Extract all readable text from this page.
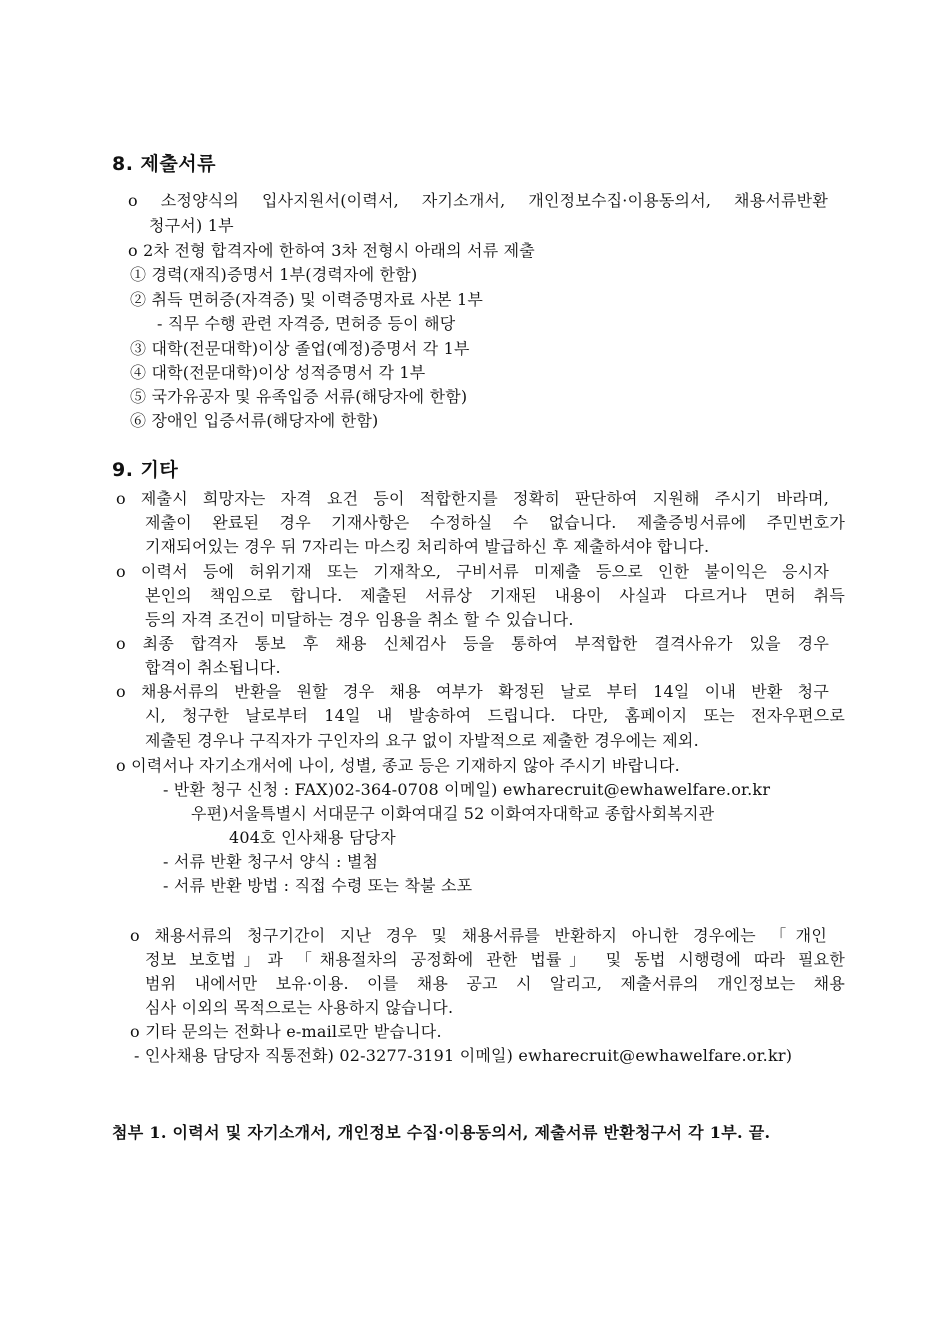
8. 제출서류
o 소정양식의 입사지원서(이력서, 자기소개서, 개인정보수집·이용동의서, 채용서류반환
청구서) 1부
o 2차 전형 합격자에 한하여 3차 전형시 아래의 서류 제출
① 경력(재직)증명서 1부(경력자에 한함)
② 취득 면허증(자격증) 및 이력증명자료 사본 1부
- 직무 수행 관련 자격증, 면허증 등이 해당
③ 대학(전문대학)이상 졸업(예정)증명서 각 1부
④ 대학(전문대학)이상 성적증명서 각 1부
⑤ 국가유공자 및 유족입증 서류(해당자에 한함)
⑥ 장애인 입증서류(해당자에 한함)
9. 기타
o 제출시 희망자는 자격 요건 등이 적합한지를 정확히 판단하여 지원해 주시기 바라며,
제출이 완료된 경우 기재사항은 수정하실 수 없습니다. 제출증빙서류에 주민번호가
기재되어있는 경우 뒤 7자리는 마스킹 처리하여 발급하신 후 제출하셔야 합니다.
o 이력서 등에 허위기재 또는 기재착오, 구비서류 미제출 등으로 인한 불이익은 응시자
본인의 책임으로 합니다. 제출된 서류상 기재된 내용이 사실과 다르거나 면허 취득
등의 자격 조건이 미달하는 경우 임용을 취소 할 수 있습니다.
o 최종 합격자 통보 후 채용 신체검사 등을 통하여 부적합한 결격사유가 있을 경우
합격이 취소됩니다.
o 채용서류의 반환을 원할 경우 채용 여부가 확정된 날로 부터 14일 이내 반환 청구
시, 청구한 날로부터 14일 내 발송하여 드립니다. 다만, 홈페이지 또는 전자우편으로
제출된 경우나 구직자가 구인자의 요구 없이 자발적으로 제출한 경우에는 제외.
o 이력서나 자기소개서에 나이, 성별, 종교 등은 기재하지 않아 주시기 바랍니다.
- 반환 청구 신청 : FAX)02-364-0708 이메일) ewharecruit@ewhawelfare.or.kr
우편)서울특별시 서대문구 이화여대길 52 이화여자대학교 종합사회복지관
404호 인사채용 담당자
- 서류 반환 청구서 양식 : 별첨
- 서류 반환 방법 : 직접 수령 또는 착불 소포
o 채용서류의 청구기간이 지난 경우 및 채용서류를 반환하지 아니한 경우에는 「개인
정보 보호법」과 「채용절차의 공정화에 관한 법률」 및 동법 시행령에 따라 필요한
범위 내에서만 보유·이용. 이를 채용 공고 시 알리고, 제출서류의 개인정보는 채용
심사 이외의 목적으로는 사용하지 않습니다.
o 기타 문의는 전화나 e-mail로만 받습니다.
- 인사채용 담당자 직통전화) 02-3277-3191 이메일) ewharecruit@ewhawelfare.or.kr)
첨부 1. 이력서 및 자기소개서, 개인정보 수집·이용동의서, 제출서류 반환청구서 각 1부. 끝.
